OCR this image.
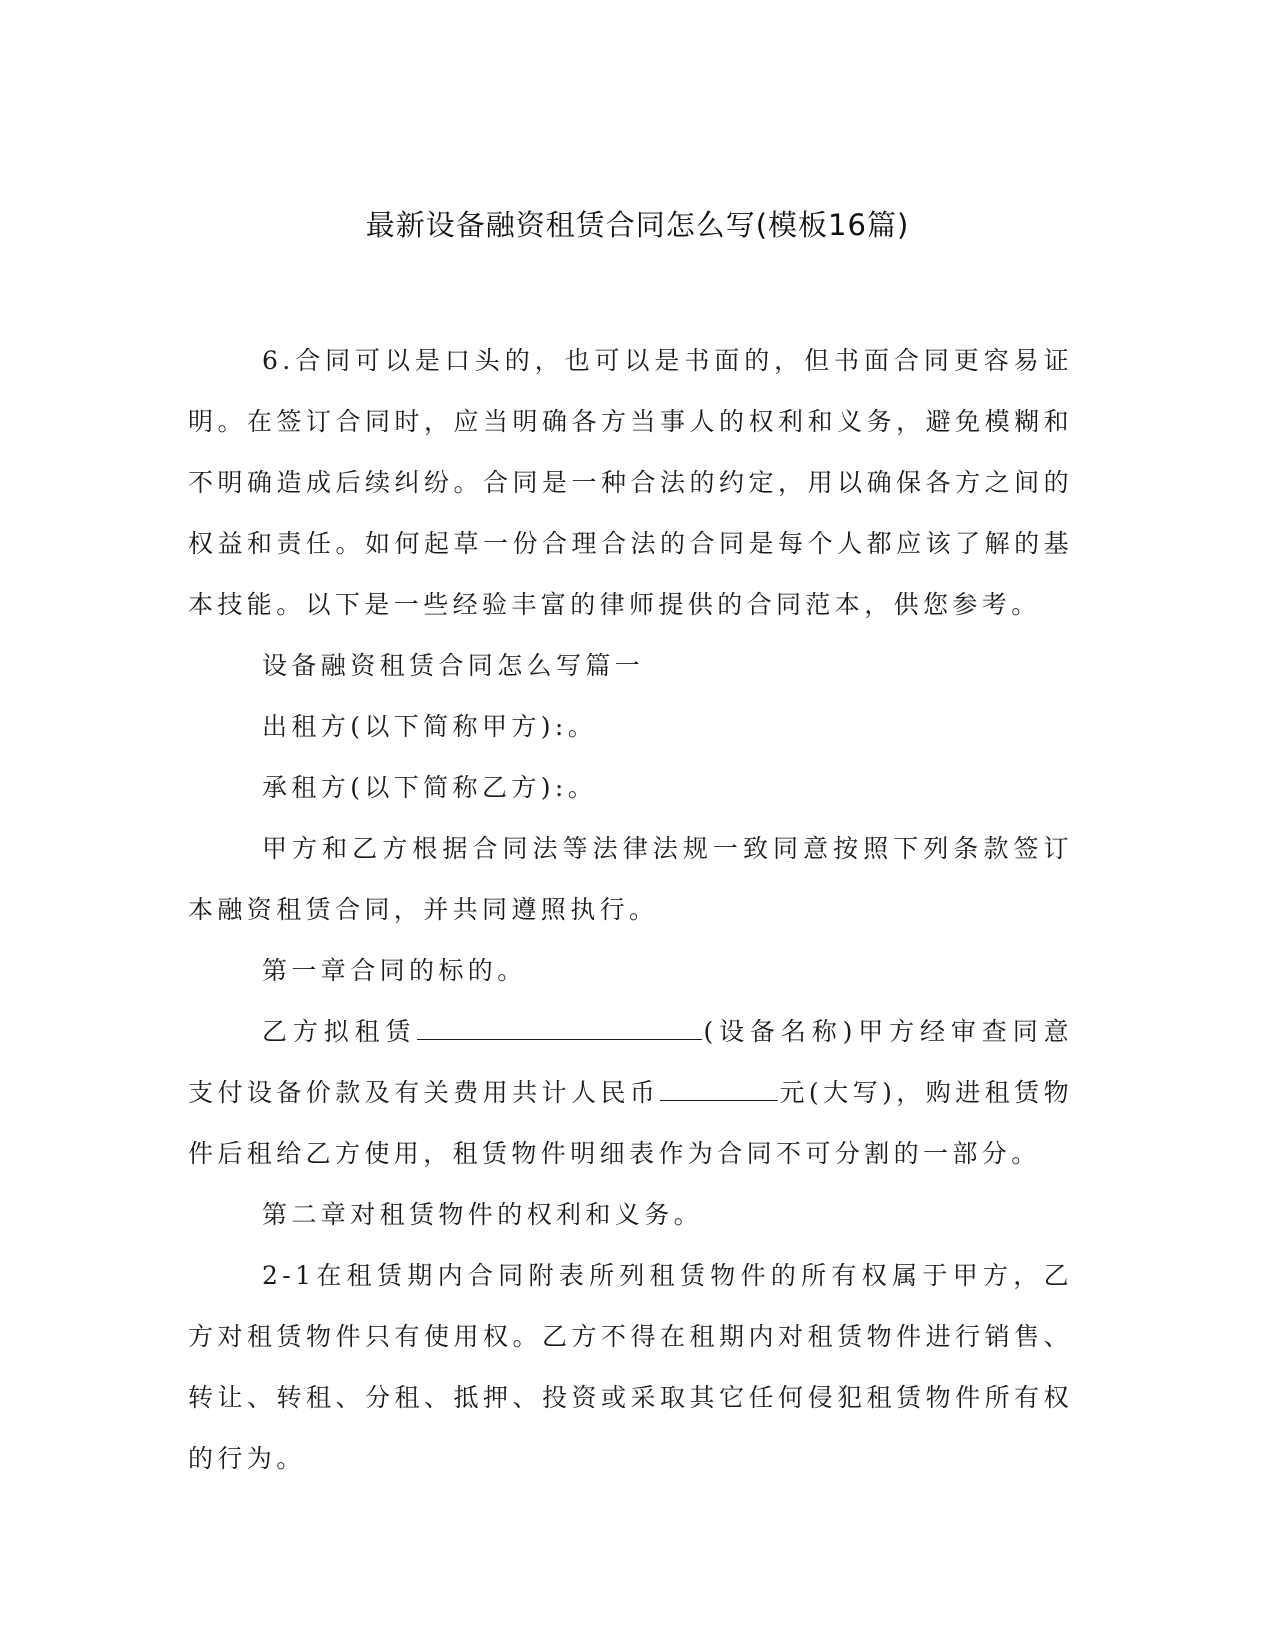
最新设备融资租赁合同怎么写(模板16篇)

6.合同可以是口头的，也可以是书面的，但书面合同更容易证明。在签订合同时，应当明确各方当事人的权利和义务，避免模糊和不明确造成后续纠纷。合同是一种合法的约定，用以确保各方之间的权益和责任。如何起草一份合理合法的合同是每个人都应该了解的基本技能。以下是一些经验丰富的律师提供的合同范本，供您参考。

设备融资租赁合同怎么写篇一

出租方(以下简称甲方):。

承租方(以下简称乙方):。

甲方和乙方根据合同法等法律法规一致同意按照下列条款签订本融资租赁合同，并共同遵照执行。

第一章合同的标的。

乙方拟租赁	(设备名称)甲方经审查同意支付设备价款及有关费用共计人民币	元(大写)，购进租赁物件后租给乙方使用，租赁物件明细表作为合同不可分割的一部分。

第二章对租赁物件的权利和义务。

2-1在租赁期内合同附表所列租赁物件的所有权属于甲方，乙方对租赁物件只有使用权。乙方不得在租期内对租赁物件进行销售、转让、转租、分租、抵押、投资或采取其它任何侵犯租赁物件所有权的行为。
